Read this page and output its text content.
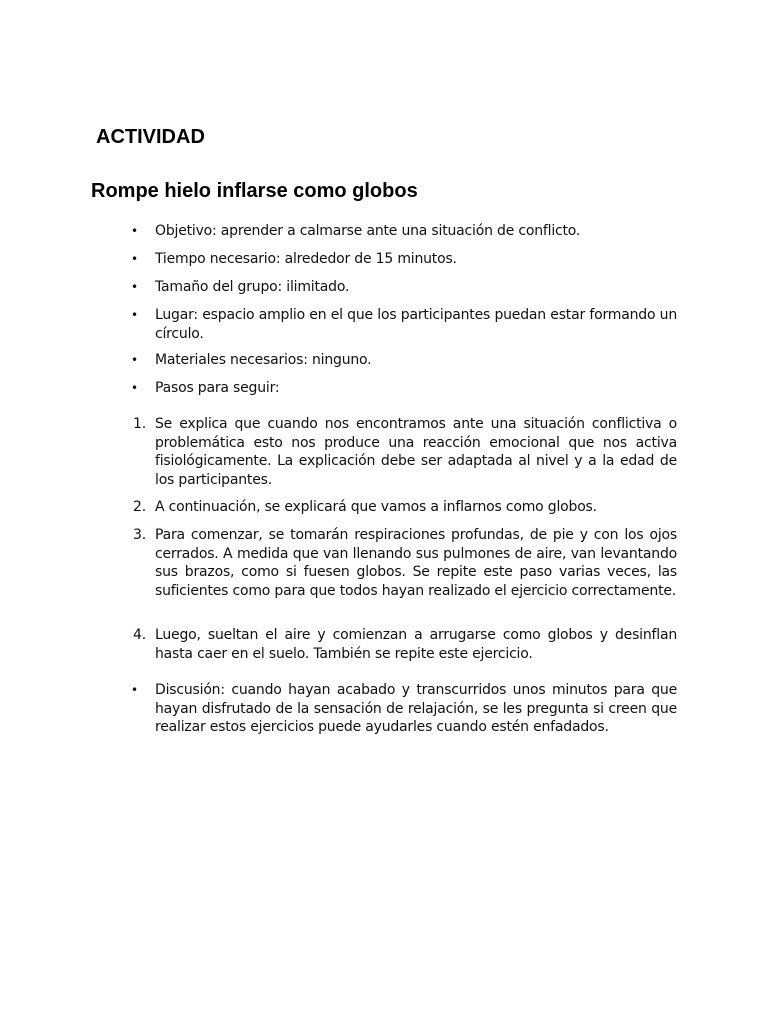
ACTIVIDAD
Rompe hielo inflarse como globos
• Objetivo: aprender a calmarse ante una situación de conflicto.

• Tiempo necesario: alrededor de 15 minutos.

• Tamaño del grupo: ilimitado.

• Lugar: espacio amplio en el que los participantes puedan estar formando un círculo.

• Materiales necesarios: ninguno.

• Pasos para seguir:

1. Se explica que cuando nos encontramos ante una situación conflictiva o problemática esto nos produce una reacción emocional que nos activa fisiológicamente. La explicación debe ser adaptada al nivel y a la edad de los participantes.

2. A continuación, se explicará que vamos a inflarnos como globos.

3. Para comenzar, se tomarán respiraciones profundas, de pie y con los ojos cerrados. A medida que van llenando sus pulmones de aire, van levantando sus brazos, como si fuesen globos. Se repite este paso varias veces, las suficientes como para que todos hayan realizado el ejercicio correctamente.

4. Luego, sueltan el aire y comienzan a arrugarse como globos y desinflan hasta caer en el suelo. También se repite este ejercicio.

• Discusión: cuando hayan acabado y transcurridos unos minutos para que hayan disfrutado de la sensación de relajación, se les pregunta si creen que realizar estos ejercicios puede ayudarles cuando estén enfadados.
